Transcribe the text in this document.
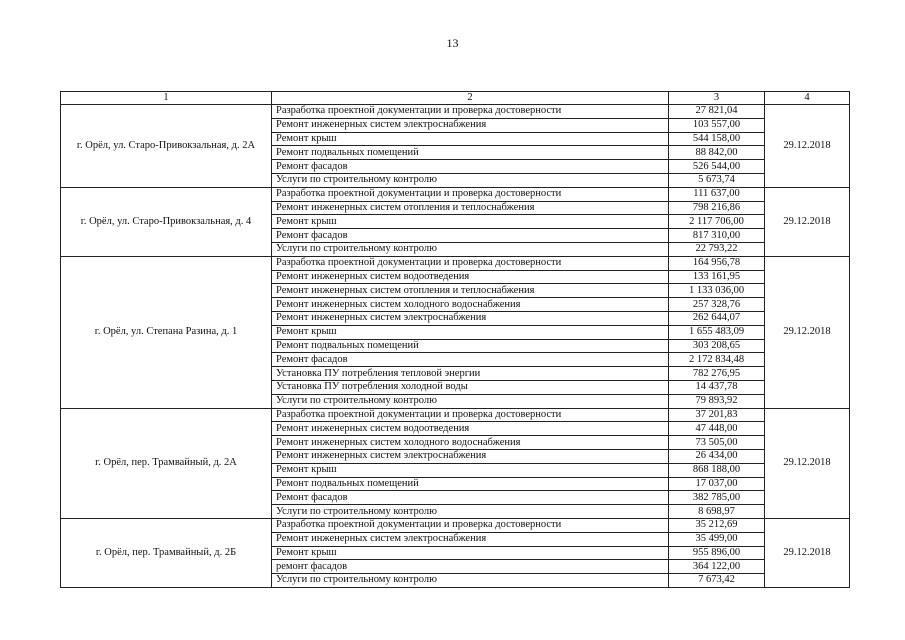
13
1	2	3	4
г. Орёл, ул. Старо-Привокзальная, д. 2А	Разработка проектной документации и проверка достоверности	27 821,04	29.12.2018
	Ремонт инженерных систем электроснабжения	103 557,00	
	Ремонт крыш	544 158,00	
	Ремонт подвальных помещений	88 842,00	
	Ремонт фасадов	526 544,00	
	Услуги по строительному контролю	5 673,74	
г. Орёл, ул. Старо-Привокзальная, д. 4	Разработка проектной документации и проверка достоверности	111 637,00	29.12.2018
	Ремонт инженерных систем отопления и теплоснабжения	798 216,86	
	Ремонт крыш	2 117 706,00	
	Ремонт фасадов	817 310,00	
	Услуги по строительному контролю	22 793,22	
г. Орёл, ул. Степана Разина, д. 1	Разработка проектной документации и проверка достоверности	164 956,78	29.12.2018
	Ремонт инженерных систем водоотведения	133 161,95	
	Ремонт инженерных систем отопления и теплоснабжения	1 133 036,00	
	Ремонт инженерных систем холодного водоснабжения	257 328,76	
	Ремонт инженерных систем электроснабжения	262 644,07	
	Ремонт крыш	1 655 483,09	
	Ремонт подвальных помещений	303 208,65	
	Ремонт фасадов	2 172 834,48	
	Установка ПУ потребления тепловой энергии	782 276,95	
	Установка ПУ потребления холодной воды	14 437,78	
	Услуги по строительному контролю	79 893,92	
г. Орёл, пер. Трамвайный, д. 2А	Разработка проектной документации и проверка достоверности	37 201,83	29.12.2018
	Ремонт инженерных систем водоотведения	47 448,00	
	Ремонт инженерных систем холодного водоснабжения	73 505,00	
	Ремонт инженерных систем электроснабжения	26 434,00	
	Ремонт крыш	868 188,00	
	Ремонт подвальных помещений	17 037,00	
	Ремонт фасадов	382 785,00	
	Услуги по строительному контролю	8 698,97	
г. Орёл, пер. Трамвайный, д. 2Б	Разработка проектной документации и проверка достоверности	35 212,69	29.12.2018
	Ремонт инженерных систем электроснабжения	35 499,00	
	Ремонт крыш	955 896,00	
	ремонт фасадов	364 122,00	
	Услуги по строительному контролю	7 673,42	
